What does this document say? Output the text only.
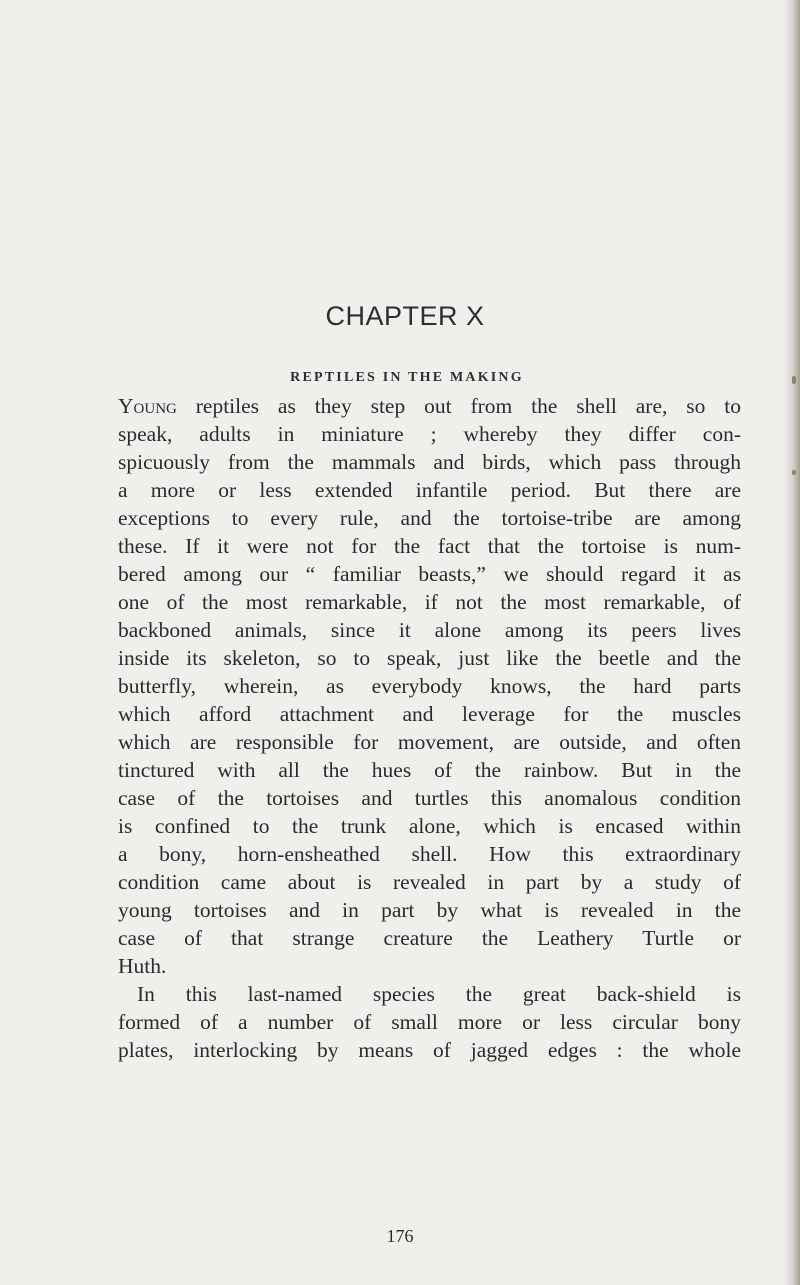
CHAPTER X
REPTILES IN THE MAKING
Young reptiles as they step out from the shell are, so to
speak, adults in miniature ; whereby they differ con-
spicuously from the mammals and birds, which pass through
a more or less extended infantile period. But there are
exceptions to every rule, and the tortoise-tribe are among
these. If it were not for the fact that the tortoise is num-
bered among our “ familiar beasts,” we should regard it as
one of the most remarkable, if not the most remarkable, of
backboned animals, since it alone among its peers lives
inside its skeleton, so to speak, just like the beetle and the
butterfly, wherein, as everybody knows, the hard parts
which afford attachment and leverage for the muscles
which are responsible for movement, are outside, and often
tinctured with all the hues of the rainbow. But in the
case of the tortoises and turtles this anomalous condition
is confined to the trunk alone, which is encased within
a bony, horn-ensheathed shell. How this extraordinary
condition came about is revealed in part by a study of
young tortoises and in part by what is revealed in the
case of that strange creature the Leathery Turtle or
Huth.
In this last-named species the great back-shield is
formed of a number of small more or less circular bony
plates, interlocking by means of jagged edges : the whole
176
